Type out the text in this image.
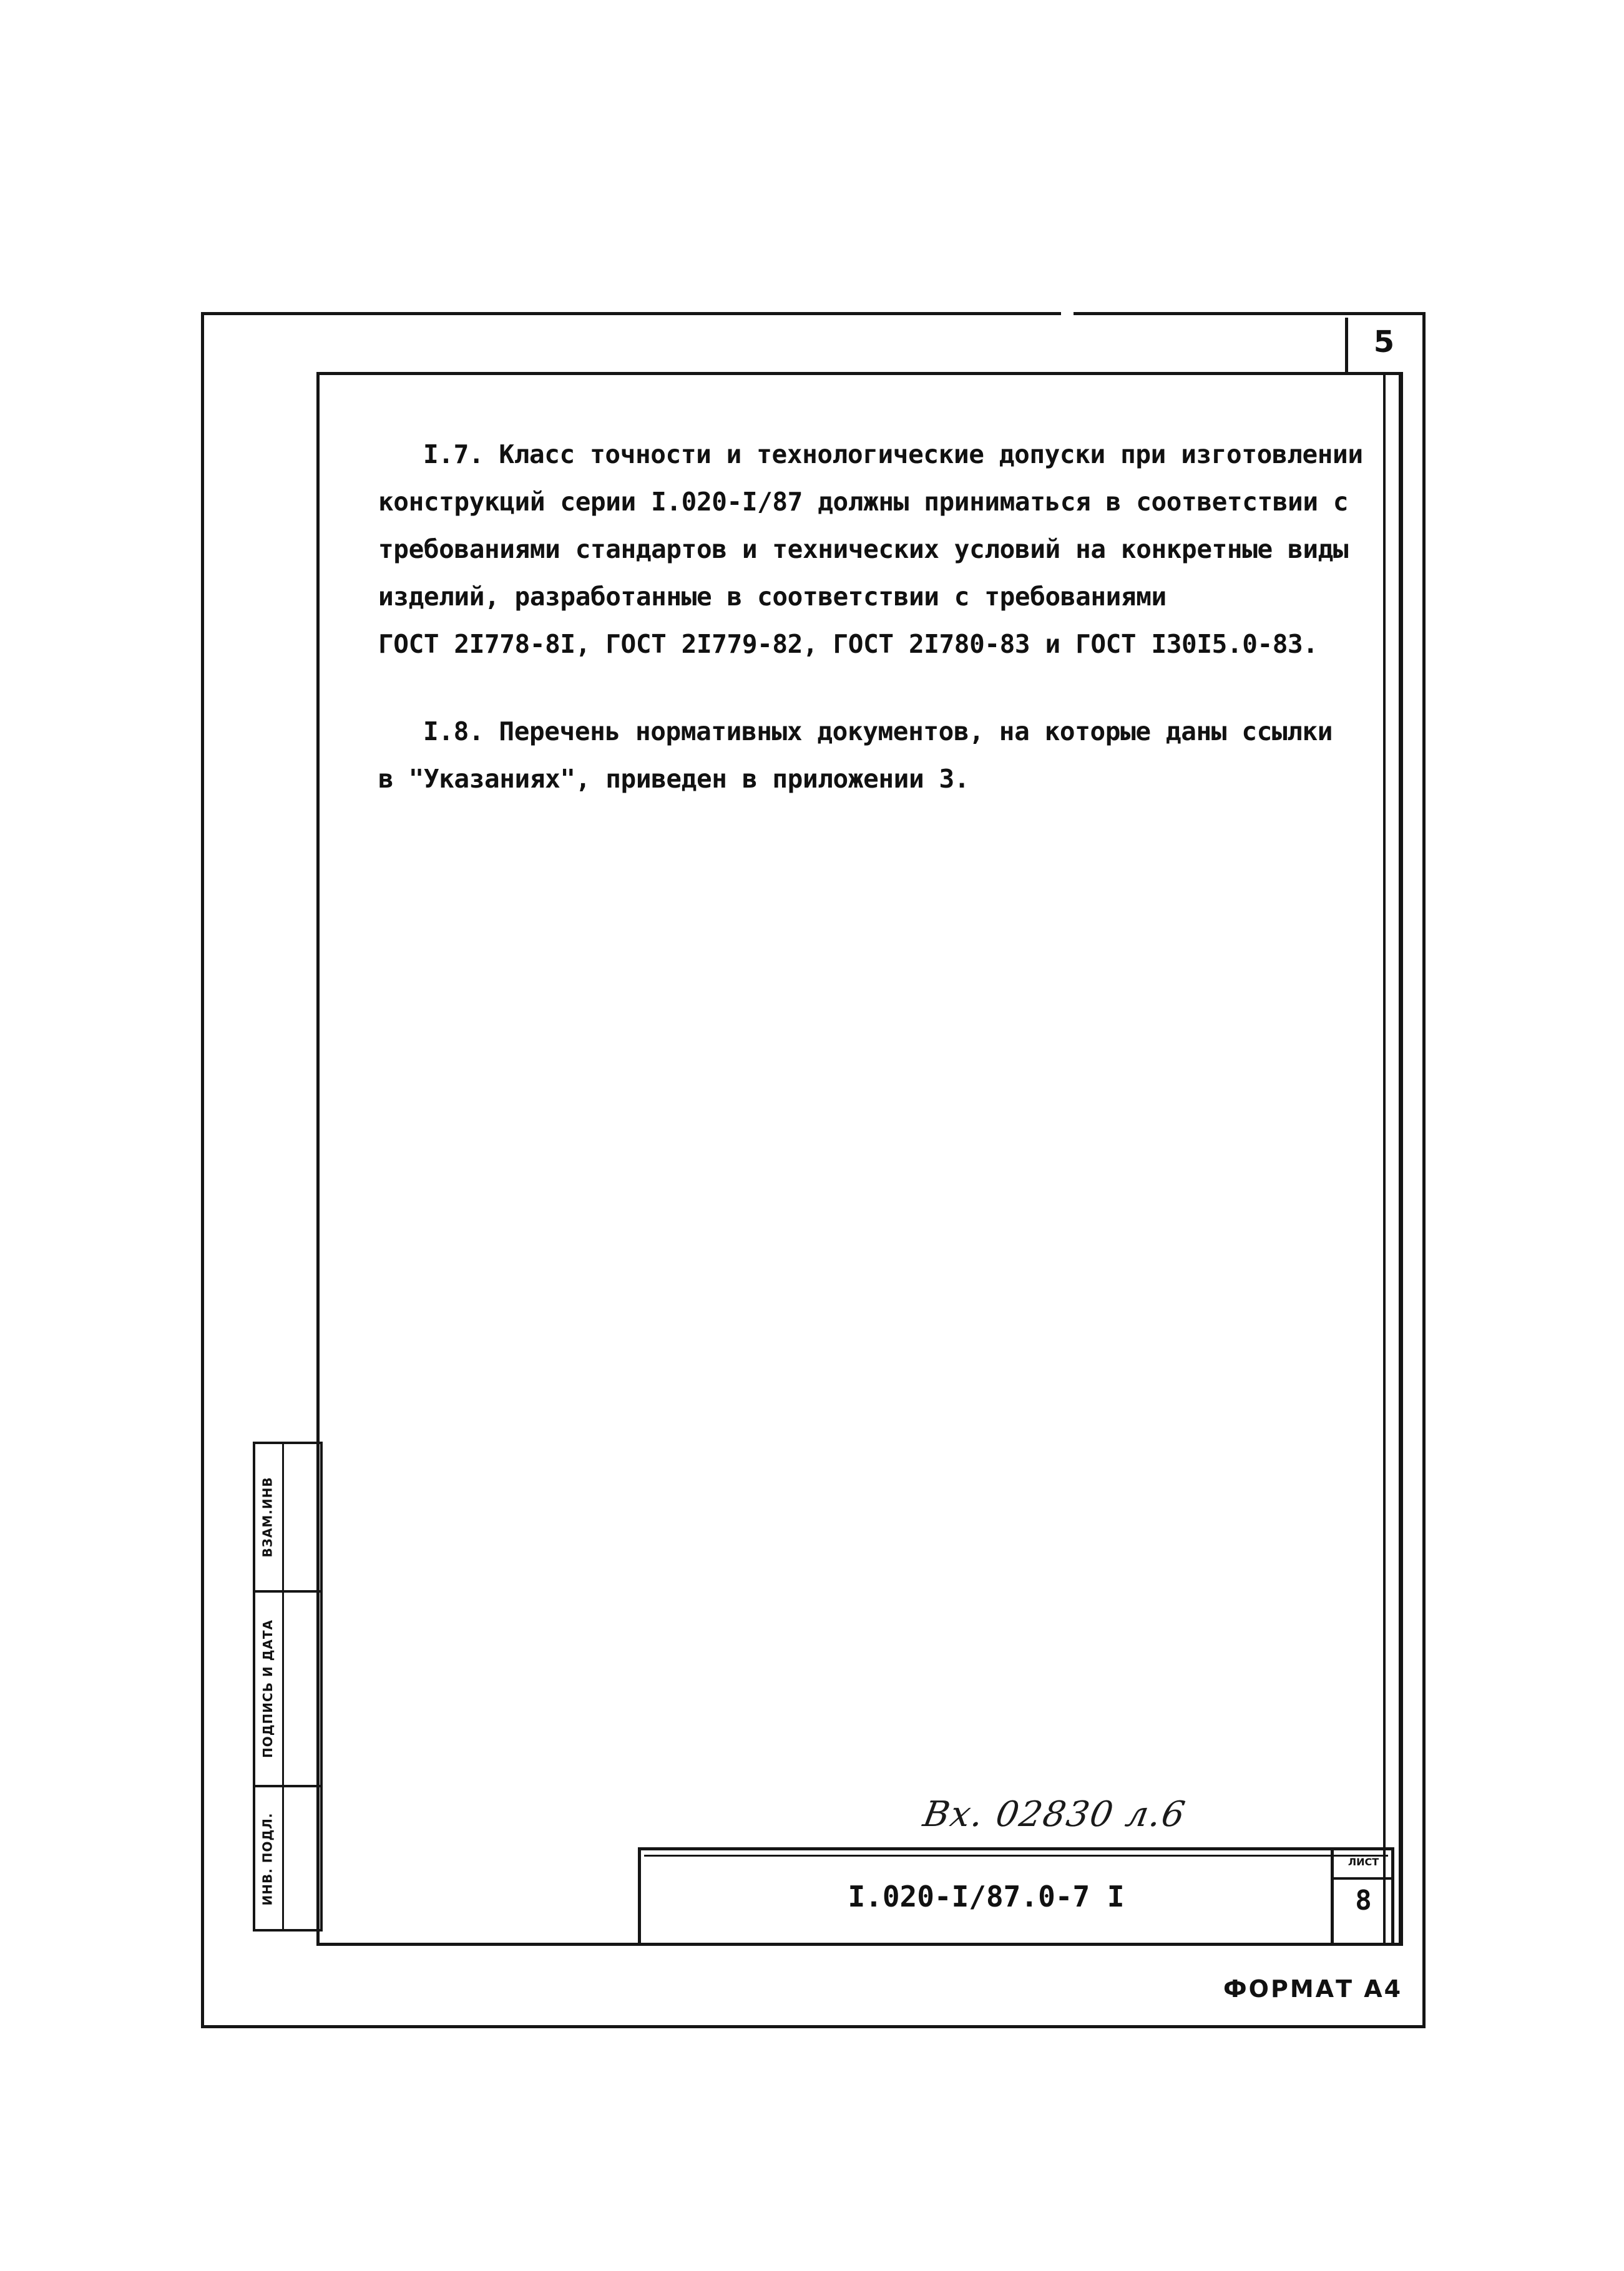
5
I.7. Класс точности и технологические допуски при изготовлении
конструкций серии I.020-I/87 должны приниматься в соответствии с
требованиями стандартов и технических условий на конкретные виды
изделий, разработанные в соответствии с требованиями
ГОСТ 2I778-8I, ГОСТ 2I779-82, ГОСТ 2I780-83 и ГОСТ I30I5.0-83.
I.8. Перечень нормативных документов, на которые даны ссылки
в "Указаниях", приведен в приложении 3.
ВЗАМ.ИНВ
ПОДПИСЬ И ДАТА
ИНВ. ПОДЛ.	Вх. 02830 л.6
I.020-I/87.0-7 I
ЛИСТ
8
ФОРМАТ А4
